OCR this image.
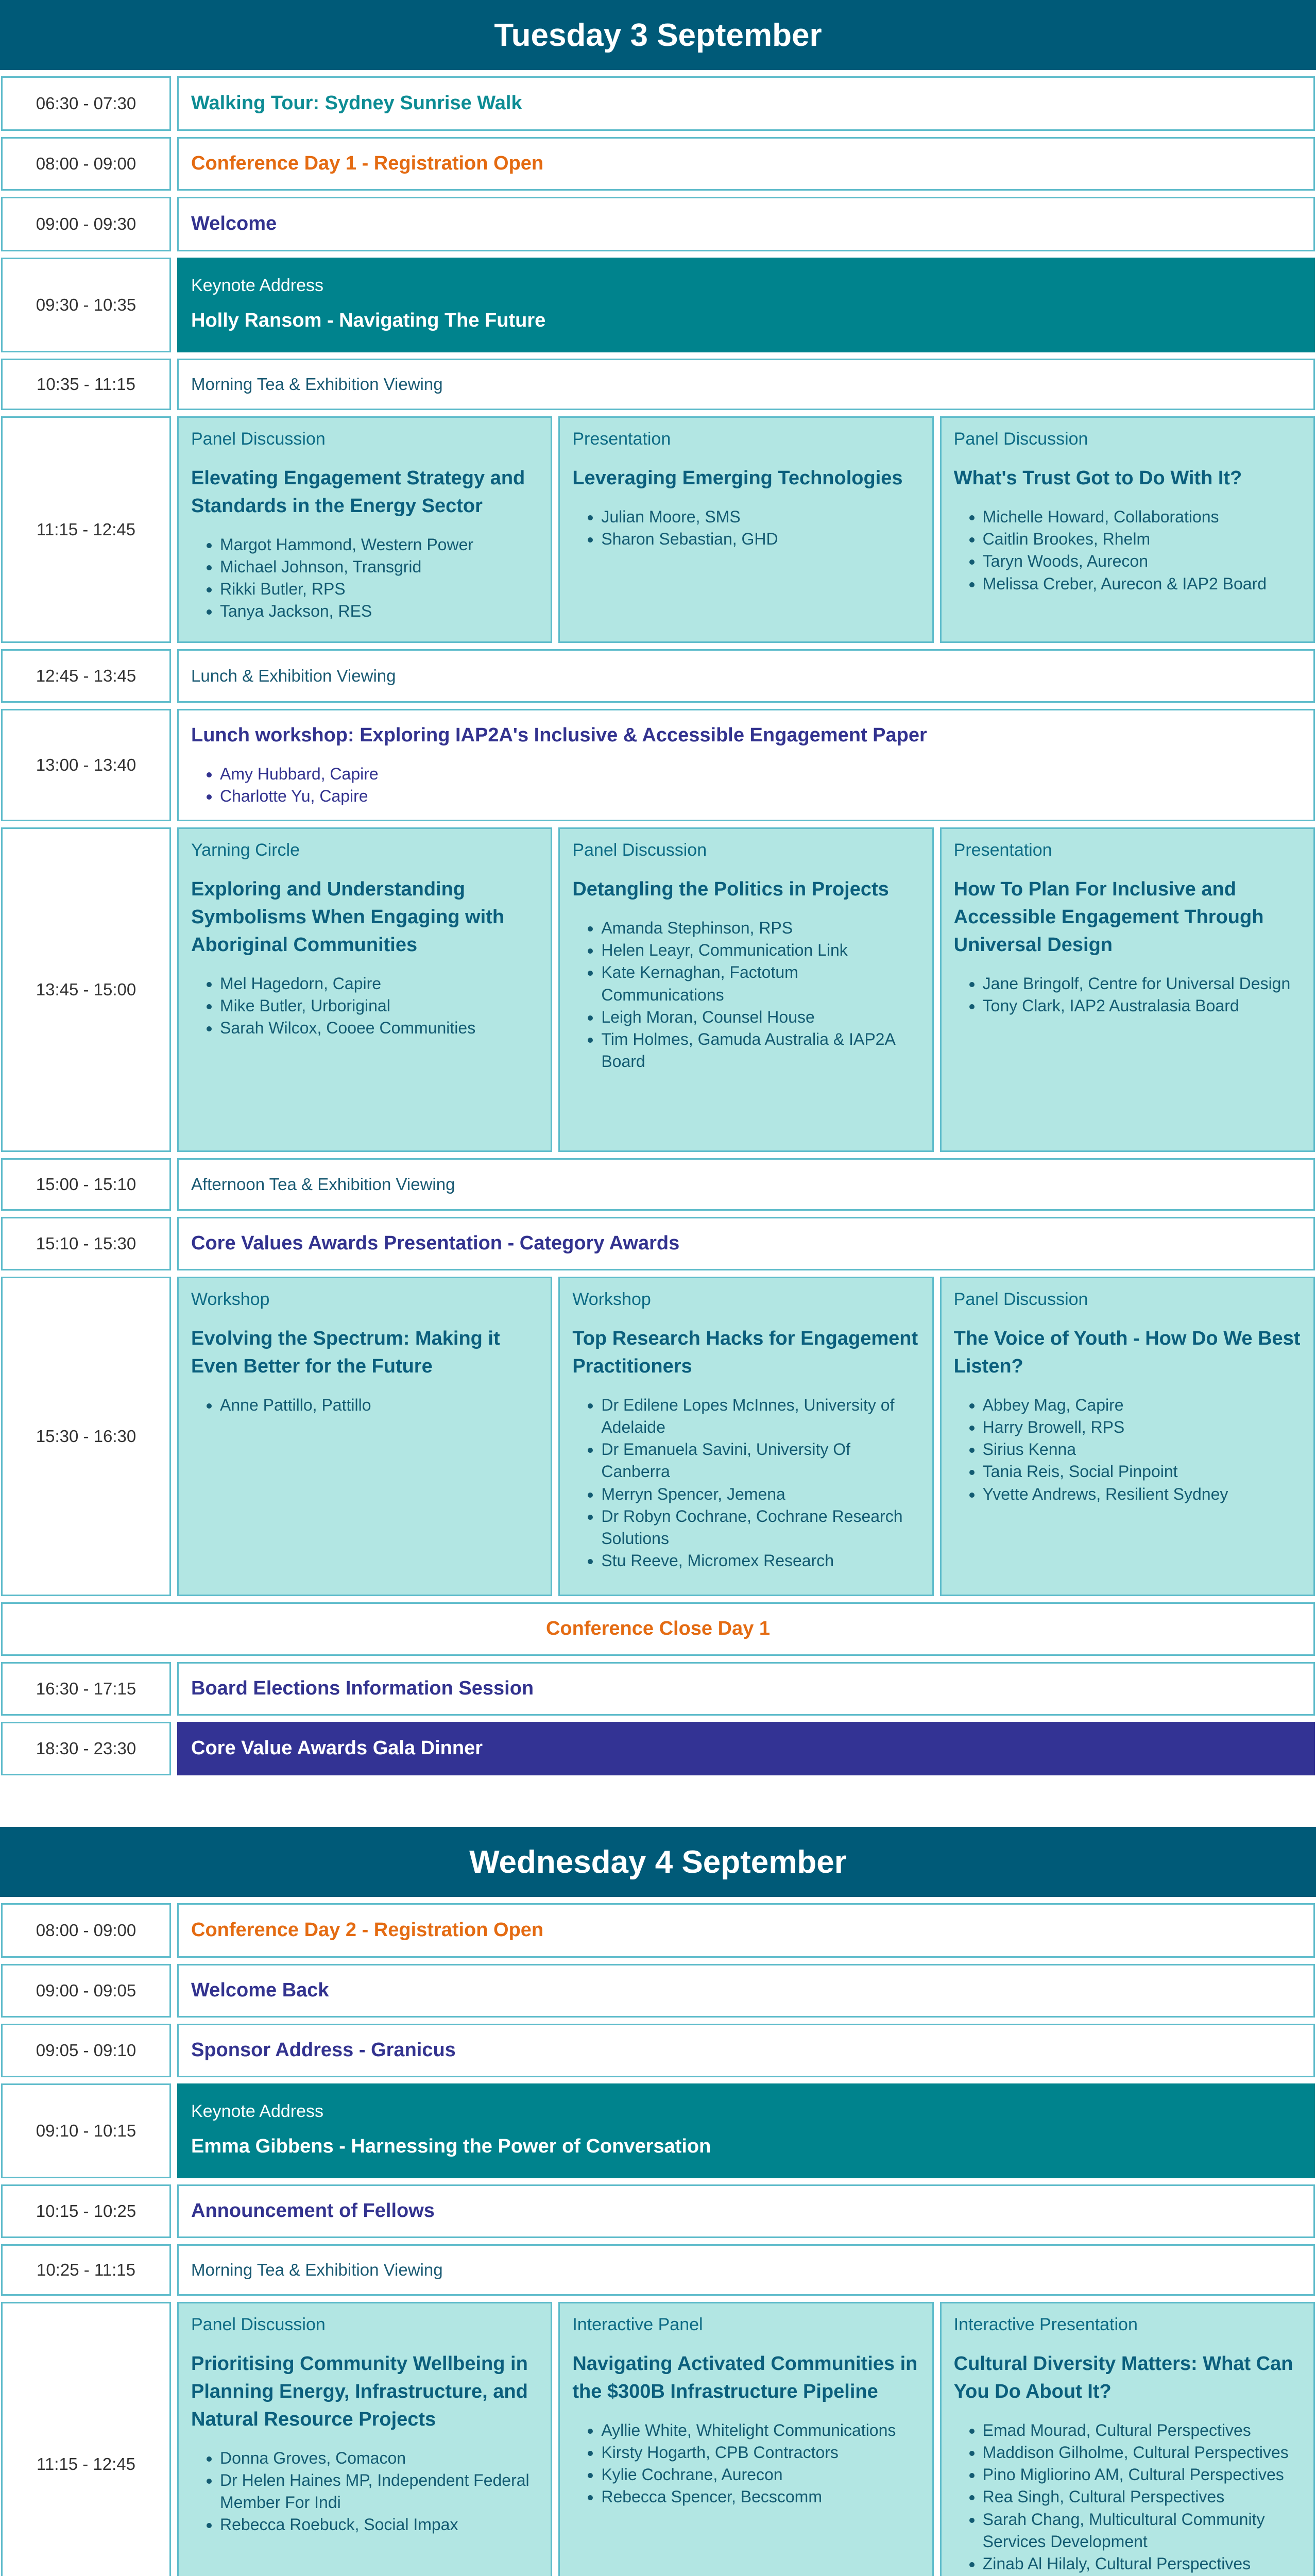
Tuesday 3 September
06:30 - 07:30	Walking Tour: Sydney Sunrise Walk
08:00 - 09:00	Conference Day 1 - Registration Open
09:00 - 09:30	Welcome
09:30 - 10:35
Keynote Address
Holly Ransom - Navigating The Future
10:35 - 11:15	Morning Tea & Exhibition Viewing
11:15 - 12:45
Panel Discussion
Elevating Engagement Strategy and Standards in the Energy Sector
• Margot Hammond, Western Power
• Michael Johnson, Transgrid
• Rikki Butler, RPS
• Tanya Jackson, RES
Presentation
Leveraging Emerging Technologies
• Julian Moore, SMS
• Sharon Sebastian, GHD
Panel Discussion
What's Trust Got to Do With It?
• Michelle Howard, Collaborations
• Caitlin Brookes, Rhelm
• Taryn Woods, Aurecon
• Melissa Creber, Aurecon & IAP2 Board
12:45 - 13:45	Lunch & Exhibition Viewing
13:00 - 13:40
Lunch workshop: Exploring IAP2A's Inclusive & Accessible Engagement Paper
• Amy Hubbard, Capire
• Charlotte Yu, Capire
13:45 - 15:00
Yarning Circle
Exploring and Understanding Symbolisms When Engaging with Aboriginal Communities
• Mel Hagedorn, Capire
• Mike Butler, Urboriginal
• Sarah Wilcox, Cooee Communities
Panel Discussion
Detangling the Politics in Projects
• Amanda Stephinson, RPS
• Helen Leayr, Communication Link
• Kate Kernaghan, Factotum Communications
• Leigh Moran, Counsel House
• Tim Holmes, Gamuda Australia & IAP2A Board
Presentation
How To Plan For Inclusive and Accessible Engagement Through Universal Design
• Jane Bringolf, Centre for Universal Design
• Tony Clark, IAP2 Australasia Board
15:00 - 15:10	Afternoon Tea & Exhibition Viewing
15:10 - 15:30	Core Values Awards Presentation - Category Awards
15:30 - 16:30
Workshop
Evolving the Spectrum: Making it Even Better for the Future
• Anne Pattillo, Pattillo
Workshop
Top Research Hacks for Engagement Practitioners
• Dr Edilene Lopes McInnes, University of Adelaide
• Dr Emanuela Savini, University Of Canberra
• Merryn Spencer, Jemena
• Dr Robyn Cochrane, Cochrane Research Solutions
• Stu Reeve, Micromex Research
Panel Discussion
The Voice of Youth - How Do We Best Listen?
• Abbey Mag, Capire
• Harry Browell, RPS
• Sirius Kenna
• Tania Reis, Social Pinpoint
• Yvette Andrews, Resilient Sydney
Conference Close Day 1
16:30 - 17:15	Board Elections Information Session
18:30 - 23:30	Core Value Awards Gala Dinner
Wednesday 4 September
08:00 - 09:00	Conference Day 2 - Registration Open
09:00 - 09:05	Welcome Back
09:05 - 09:10	Sponsor Address - Granicus
09:10 - 10:15
Keynote Address
Emma Gibbens - Harnessing the Power of Conversation
10:15 - 10:25	Announcement of Fellows
10:25 - 11:15	Morning Tea & Exhibition Viewing
11:15 - 12:45
Panel Discussion
Prioritising Community Wellbeing in Planning Energy, Infrastructure, and Natural Resource Projects
• Donna Groves, Comacon
• Dr Helen Haines MP, Independent Federal Member For Indi
• Rebecca Roebuck, Social Impax
Interactive Panel
Navigating Activated Communities in the $300B Infrastructure Pipeline
• Ayllie White, Whitelight Communications
• Kirsty Hogarth, CPB Contractors
• Kylie Cochrane, Aurecon
• Rebecca Spencer, Becscomm
Interactive Presentation
Cultural Diversity Matters: What Can You Do About It?
• Emad Mourad, Cultural Perspectives
• Maddison Gilholme, Cultural Perspectives
• Pino Migliorino AM, Cultural Perspectives
• Rea Singh, Cultural Perspectives
• Sarah Chang, Multicultural Community Services Development
• Zinab Al Hilaly, Cultural Perspectives
